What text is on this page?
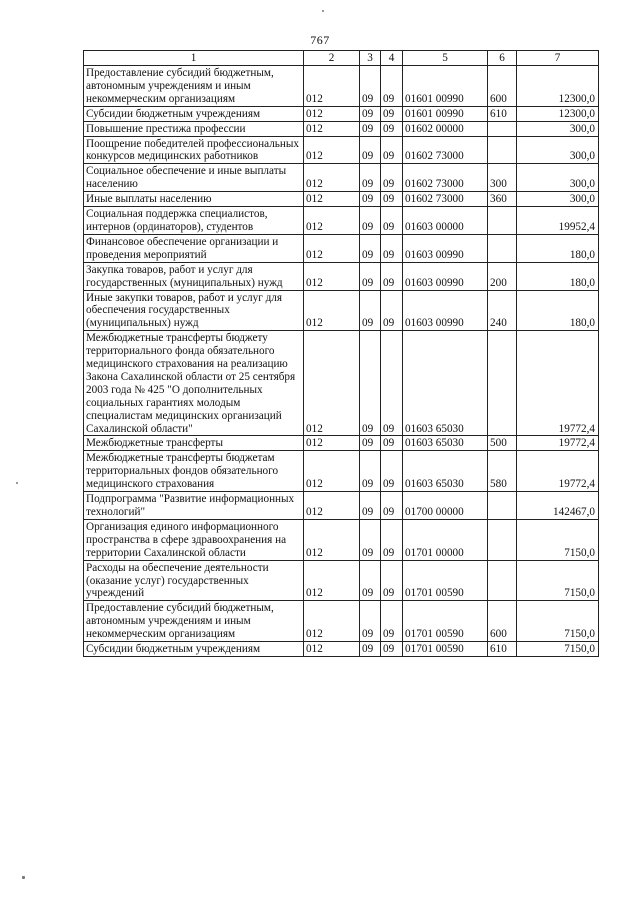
767
1	2	3	4	5	6	7
Предоставление субсидий бюджетным, автономным учреждениям и иным некоммерческим организациям	012	09	09	01601 00990	600	12300,0
Субсидии бюджетным учреждениям	012	09	09	01601 00990	610	12300,0
Повышение престижа профессии	012	09	09	01602 00000		300,0
Поощрение победителей профессиональных конкурсов медицинских работников	012	09	09	01602 73000		300,0
Социальное обеспечение и иные выплаты населению	012	09	09	01602 73000	300	300,0
Иные выплаты населению	012	09	09	01602 73000	360	300,0
Социальная поддержка специалистов, интернов (ординаторов), студентов	012	09	09	01603 00000		19952,4
Финансовое обеспечение организации и проведения мероприятий	012	09	09	01603 00990		180,0
Закупка товаров, работ и услуг для государственных (муниципальных) нужд	012	09	09	01603 00990	200	180,0
Иные закупки товаров, работ и услуг для обеспечения государственных (муниципальных) нужд	012	09	09	01603 00990	240	180,0
Межбюджетные трансферты бюджету территориального фонда обязательного медицинского страхования на реализацию Закона Сахалинской области от 25 сентября 2003 года № 425 "О дополнительных социальных гарантиях молодым специалистам медицинских организаций Сахалинской области"	012	09	09	01603 65030		19772,4
Межбюджетные трансферты	012	09	09	01603 65030	500	19772,4
Межбюджетные трансферты бюджетам территориальных фондов обязательного медицинского страхования	012	09	09	01603 65030	580	19772,4
Подпрограмма "Развитие информационных технологий"	012	09	09	01700 00000		142467,0
Организация единого информационного пространства в сфере здравоохранения на территории Сахалинской области	012	09	09	01701 00000		7150,0
Расходы на обеспечение деятельности (оказание услуг) государственных учреждений	012	09	09	01701 00590		7150,0
Предоставление субсидий бюджетным, автономным учреждениям и иным некоммерческим организациям	012	09	09	01701 00590	600	7150,0
Субсидии бюджетным учреждениям	012	09	09	01701 00590	610	7150,0
